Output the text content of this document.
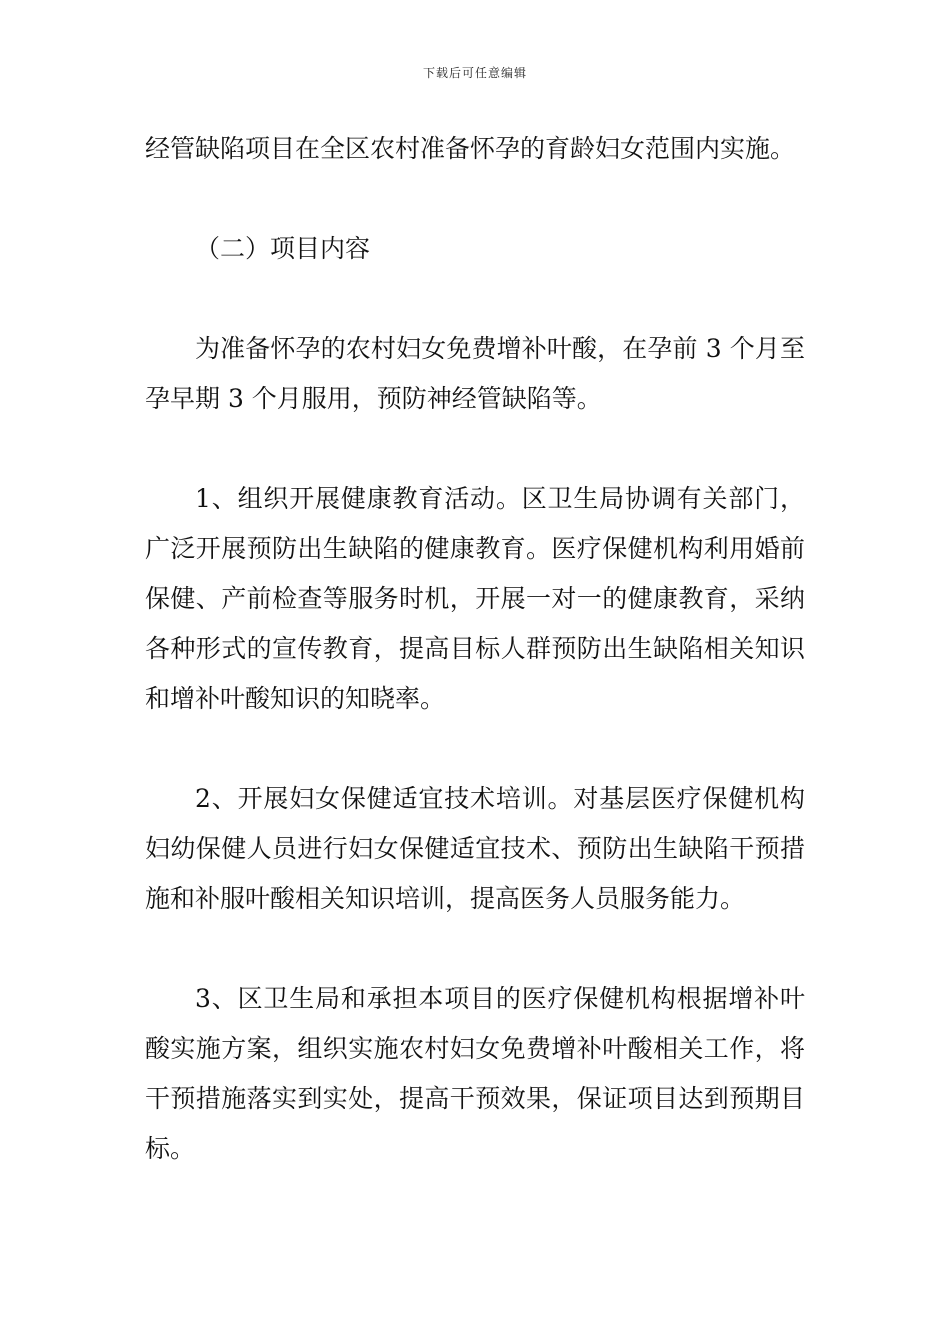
下载后可任意编辑

经管缺陷项目在全区农村准备怀孕的育龄妇女范围内实施。

（二）项目内容

为准备怀孕的农村妇女免费增补叶酸，在孕前 3 个月至孕早期 3 个月服用，预防神经管缺陷等。

1、组织开展健康教育活动。区卫生局协调有关部门，广泛开展预防出生缺陷的健康教育。医疗保健机构利用婚前保健、产前检查等服务时机，开展一对一的健康教育，采纳各种形式的宣传教育，提高目标人群预防出生缺陷相关知识和增补叶酸知识的知晓率。

2、开展妇女保健适宜技术培训。对基层医疗保健机构妇幼保健人员进行妇女保健适宜技术、预防出生缺陷干预措施和补服叶酸相关知识培训，提高医务人员服务能力。

3、区卫生局和承担本项目的医疗保健机构根据增补叶酸实施方案，组织实施农村妇女免费增补叶酸相关工作，将干预措施落实到实处，提高干预效果，保证项目达到预期目标。
